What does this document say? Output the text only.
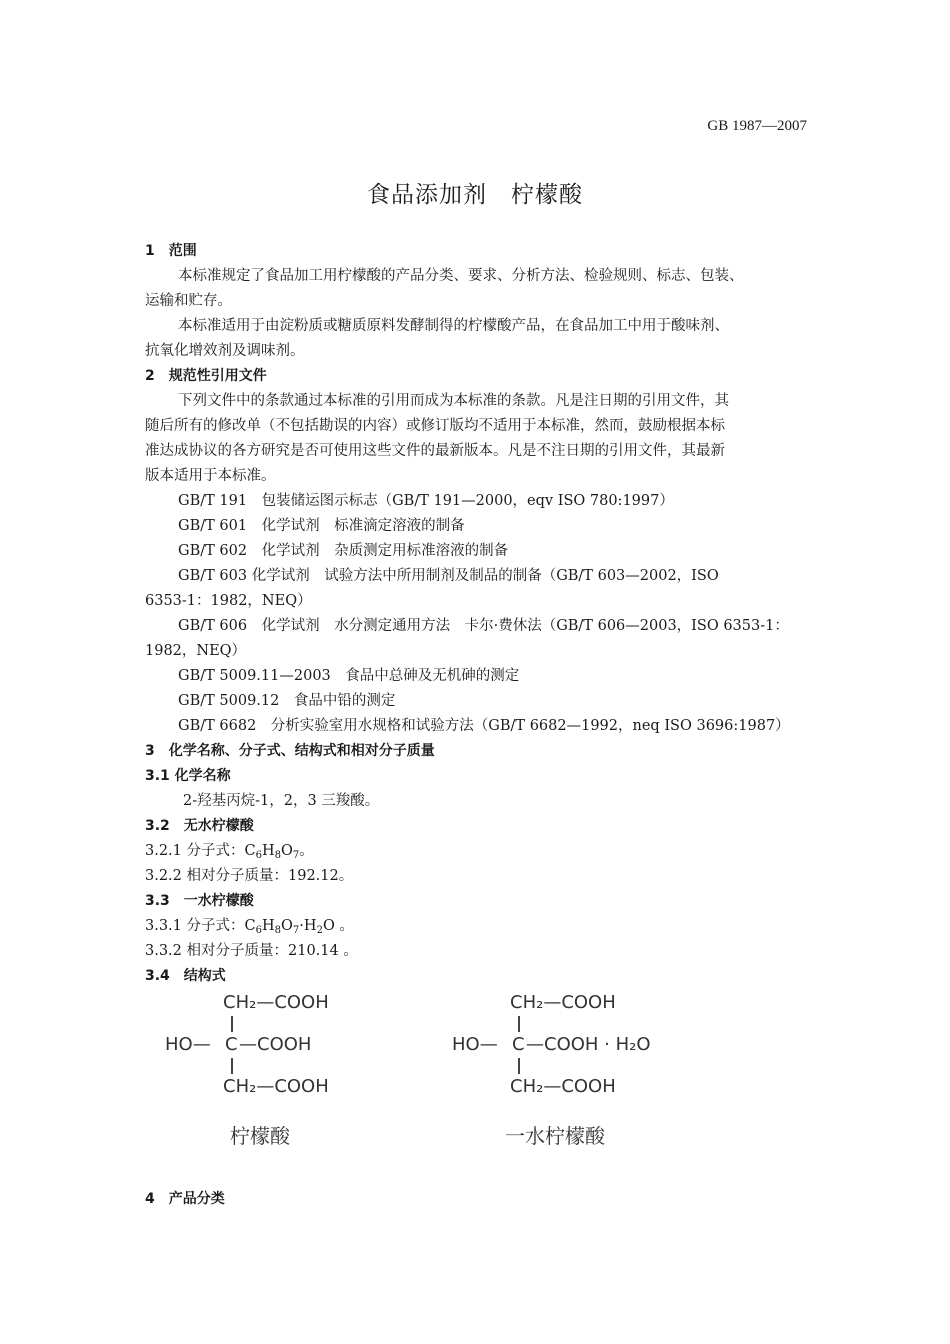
GB 1987—2007
食品添加剂　柠檬酸
1　范围
本标准规定了食品加工用柠檬酸的产品分类、要求、分析方法、检验规则、标志、包装、
运输和贮存。
本标准适用于由淀粉质或糖质原料发酵制得的柠檬酸产品，在食品加工中用于酸味剂、
抗氧化增效剂及调味剂。
2　规范性引用文件
下列文件中的条款通过本标准的引用而成为本标准的条款。凡是注日期的引用文件，其
随后所有的修改单（不包括勘误的内容）或修订版均不适用于本标准，然而，鼓励根据本标
准达成协议的各方研究是否可使用这些文件的最新版本。凡是不注日期的引用文件，其最新
版本适用于本标准。
GB/T 191　包装储运图示标志（GB/T 191—2000，eqv ISO 780:1997）
GB/T 601　化学试剂　标准滴定溶液的制备
GB/T 602　化学试剂　杂质测定用标准溶液的制备
GB/T 603 化学试剂　试验方法中所用制剂及制品的制备（GB/T 603—2002，ISO
6353-1：1982，NEQ）
GB/T 606　化学试剂　水分测定通用方法　卡尔·费休法（GB/T 606—2003，ISO 6353-1：
1982，NEQ）
GB/T 5009.11—2003　食品中总砷及无机砷的测定
GB/T 5009.12　食品中铅的测定
GB/T 6682　分析实验室用水规格和试验方法（GB/T 6682—1992，neq ISO 3696:1987）
3　化学名称、分子式、结构式和相对分子质量
3.1 化学名称
2-羟基丙烷-1，2，3 三羧酸。
3.2　无水柠檬酸
3.2.1 分子式：$C_6H_8O_7$。
3.2.2 相对分子质量：192.12。
3.3　一水柠檬酸
3.3.1 分子式：$C_6H_8O_7\cdot H_2O$ 。
3.3.2 相对分子质量：210.14 。
3.4　结构式
CH₂—COOH
HO— C —COOH
CH₂—COOH
柠檬酸
CH₂—COOH
HO— C —COOH · H₂O
CH₂—COOH
一水柠檬酸
4　产品分类
